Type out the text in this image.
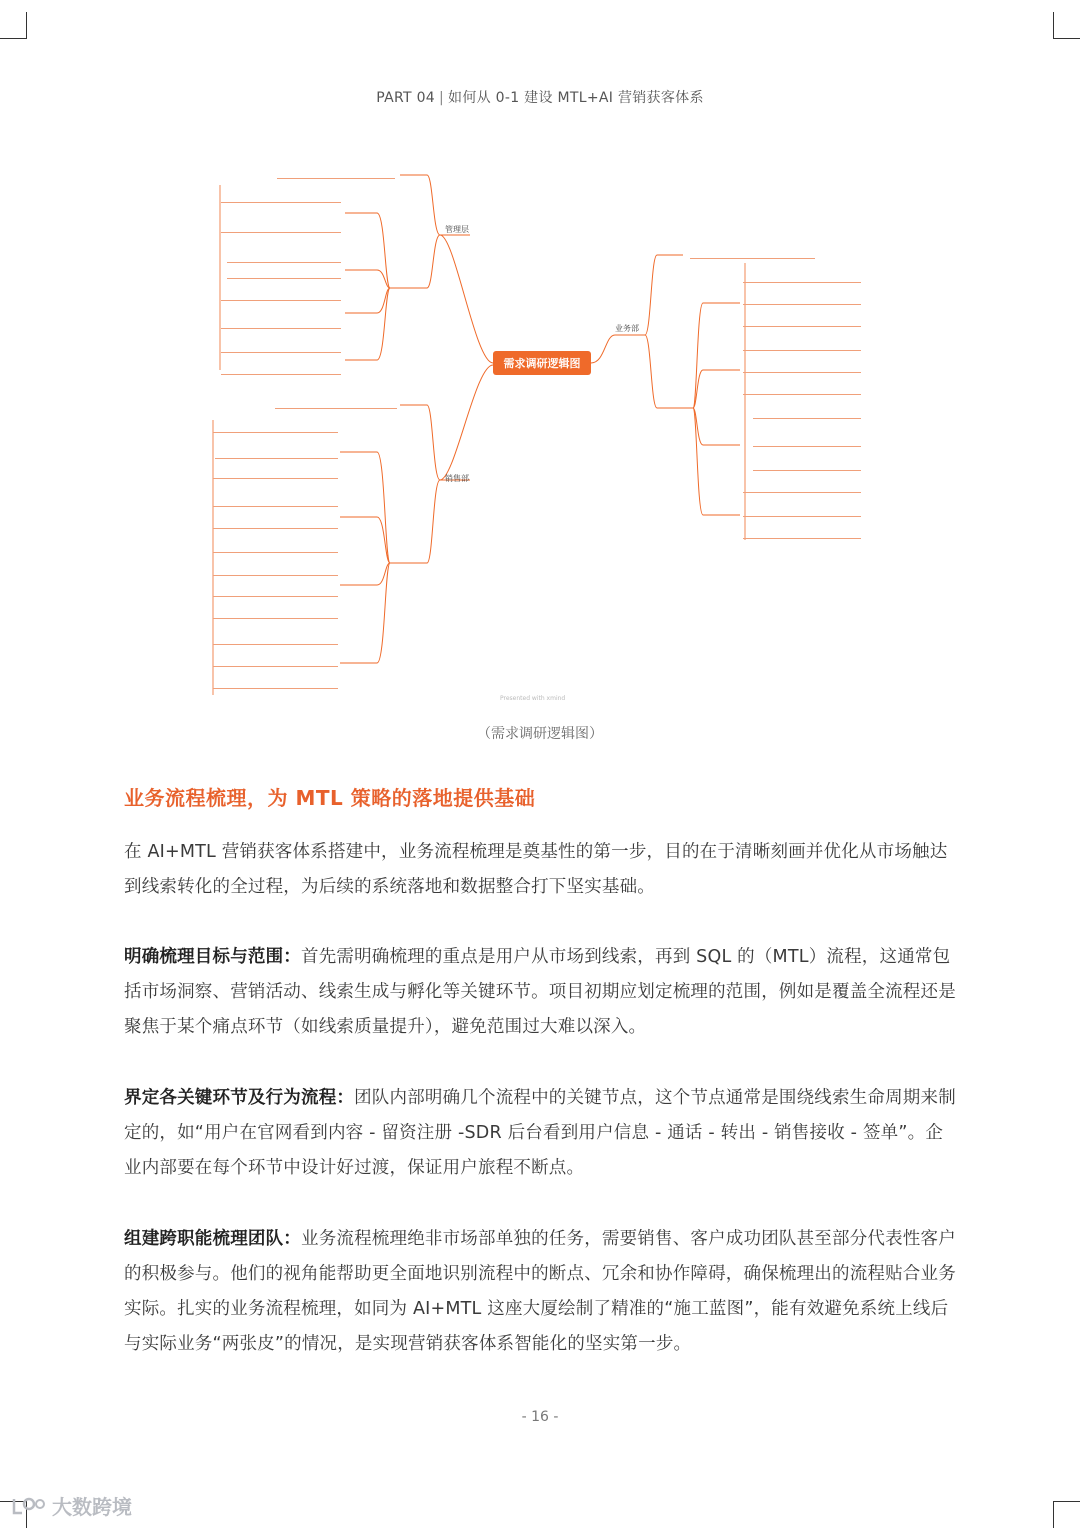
PART 04 | 如何从 0-1 建设 MTL+AI 营销获客体系
需求调研逻辑图
管理层
业务部
销售部
Presented with xmind
（需求调研逻辑图）
业务流程梳理，为 MTL 策略的落地提供基础

在 AI+MTL 营销获客体系搭建中，业务流程梳理是奠基性的第一步，目的在于清晰刻画并优化从市场触达到线索转化的全过程，为后续的系统落地和数据整合打下坚实基础。

明确梳理目标与范围：首先需明确梳理的重点是用户从市场到线索，再到 SQL 的（MTL）流程，这通常包括市场洞察、营销活动、线索生成与孵化等关键环节。项目初期应划定梳理的范围，例如是覆盖全流程还是聚焦于某个痛点环节（如线索质量提升），避免范围过大难以深入。

界定各关键环节及行为流程：团队内部明确几个流程中的关键节点，这个节点通常是围绕线索生命周期来制定的，如“用户在官网看到内容 - 留资注册 -SDR 后台看到用户信息 - 通话 - 转出 - 销售接收 - 签单”。企业内部要在每个环节中设计好过渡，保证用户旅程不断点。

组建跨职能梳理团队：业务流程梳理绝非市场部单独的任务，需要销售、客户成功团队甚至部分代表性客户的积极参与。他们的视角能帮助更全面地识别流程中的断点、冗余和协作障碍，确保梳理出的流程贴合业务实际。扎实的业务流程梳理，如同为 AI+MTL 这座大厦绘制了精准的“施工蓝图”，能有效避免系统上线后与实际业务“两张皮”的情况，是实现营销获客体系智能化的坚实第一步。

- 16 -
大数跨境
